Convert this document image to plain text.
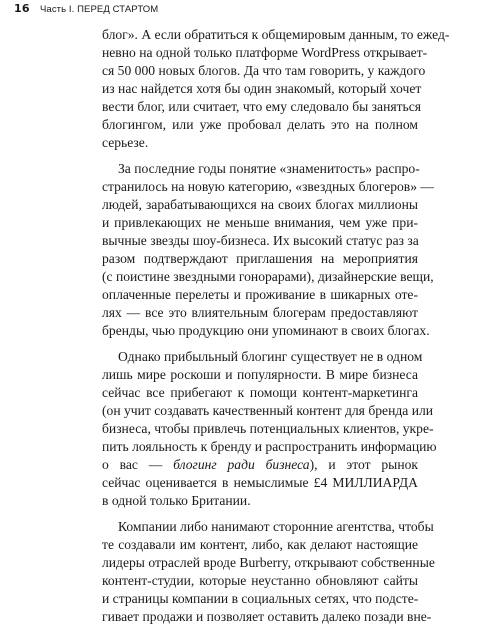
16	Часть I. ПЕРЕД СТАРТОМ
блог». А если обратиться к общемировым данным, то ежед-
невно на одной только платформе WordPress открывает-
ся 50 000 новых блогов. Да что там говорить, у каждого
из нас найдется хотя бы один знакомый, который хочет
вести блог, или считает, что ему следовало бы заняться
блогингом, или уже пробовал делать это на полном
серьезе.
За последние годы понятие «знаменитость» распро-
странилось на новую категорию, «звездных блогеров» —
людей, зарабатывающихся на своих блогах миллионы
и привлекающих не меньше внимания, чем уже при-
вычные звезды шоу-бизнеса. Их высокий статус раз за
разом подтверждают приглашения на мероприятия
(с поистине звездными гонорарами), дизайнерские вещи,
оплаченные перелеты и проживание в шикарных оте-
лях — все это влиятельным блогерам предоставляют
бренды, чью продукцию они упоминают в своих блогах.
Однако прибыльный блогинг существует не в одном
лишь мире роскоши и популярности. В мире бизнеса
сейчас все прибегают к помощи контент-маркетинга
(он учит создавать качественный контент для бренда или
бизнеса, чтобы привлечь потенциальных клиентов, укре-
пить лояльность к бренду и распространить информацию
о вас — блогинг ради бизнеса), и этот рынок
сейчас оценивается в немыслимые £4 МИЛЛИАРДА
в одной только Британии.
Компании либо нанимают сторонние агентства, чтобы
те создавали им контент, либо, как делают настоящие
лидеры отраслей вроде Burberry, открывают собственные
контент-студии, которые неустанно обновляют сайты
и страницы компании в социальных сетях, что подсте-
гивает продажи и позволяет оставить далеко позади вне-
